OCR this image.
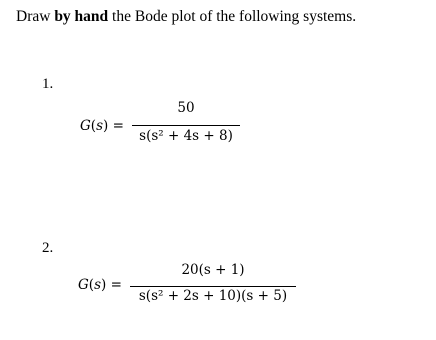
Draw by hand the Bode plot of the following systems.
1.
G(s) =
50
s(s² + 4s + 8)
2.
G(s) =
20(s + 1)
s(s² + 2s + 10)(s + 5)
